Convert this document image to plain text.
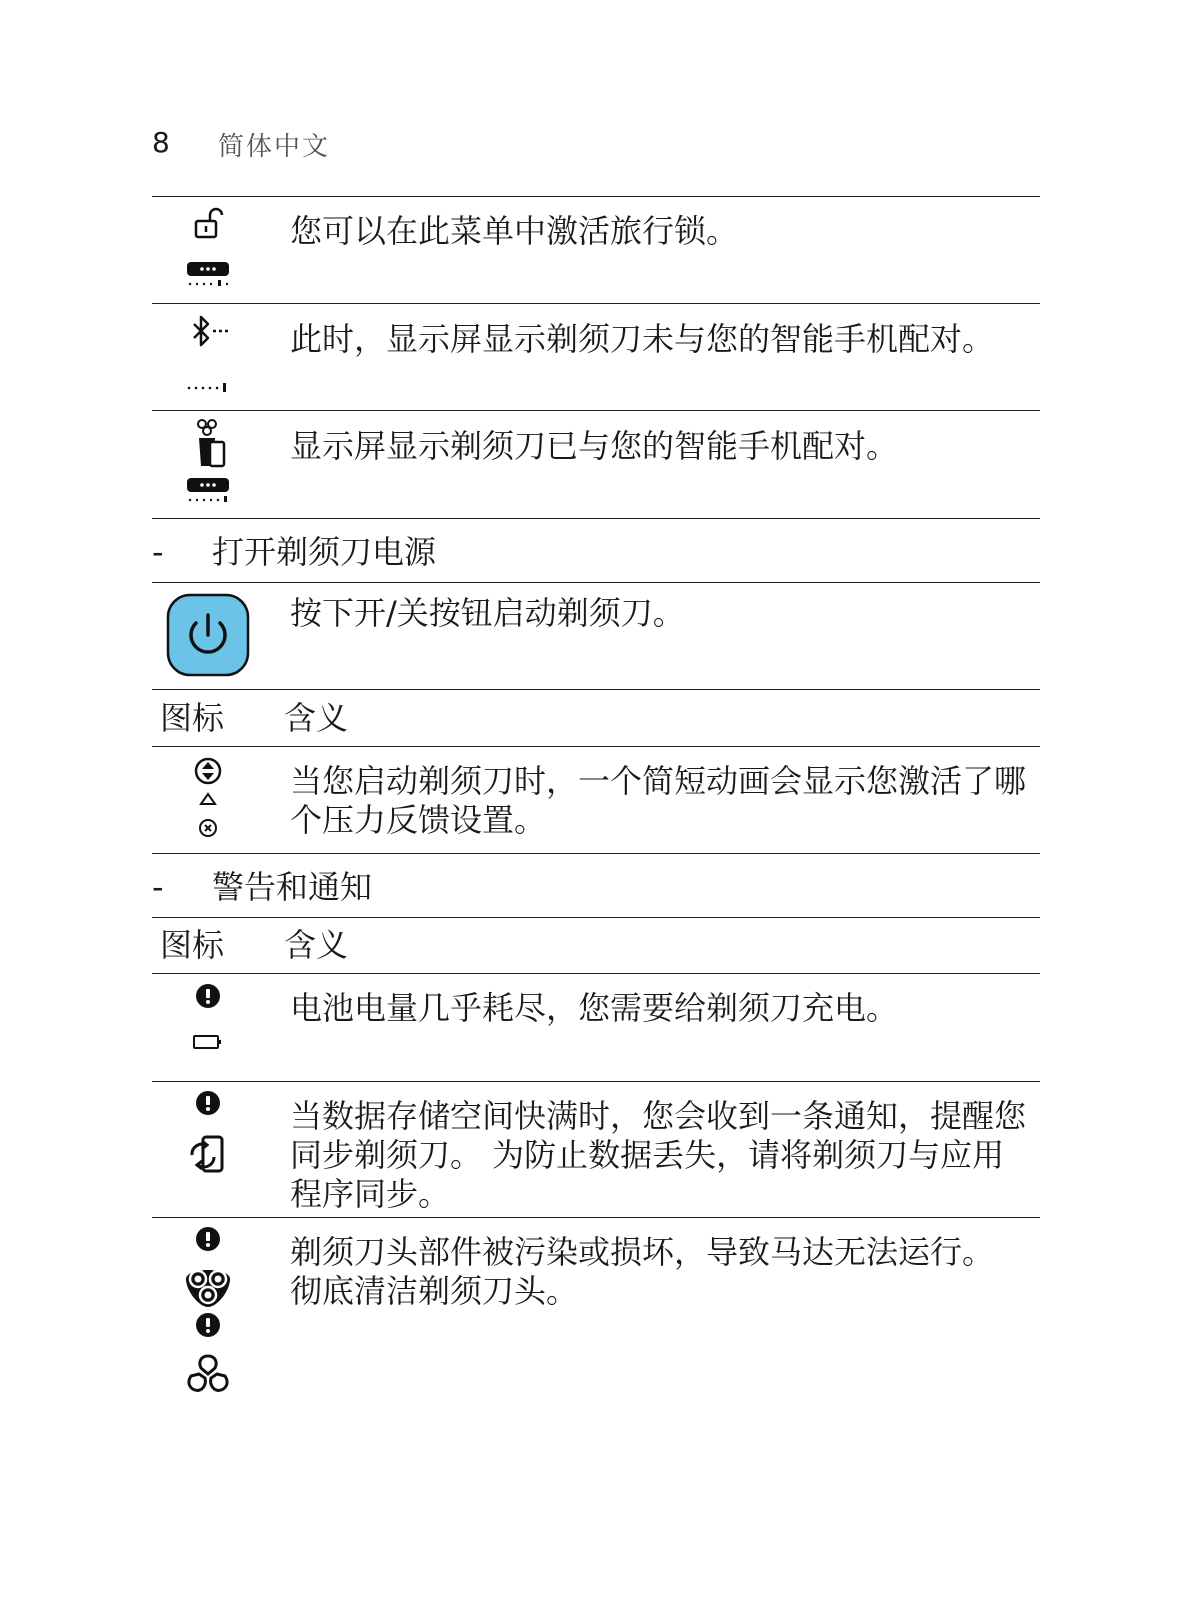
8 简体中文
您可以在此菜单中激活旅行锁。
此时，显示屏显示剃须刀未与您的智能手机配对。
显示屏显示剃须刀已与您的智能手机配对。
- 打开剃须刀电源
按下开/关按钮启动剃须刀。
图标 含义
当您启动剃须刀时，一个简短动画会显示您激活了哪个压力反馈设置。
- 警告和通知
图标 含义
电池电量几乎耗尽，您需要给剃须刀充电。
当数据存储空间快满时，您会收到一条通知，提醒您同步剃须刀。 为防止数据丢失，请将剃须刀与应用程序同步。
剃须刀头部件被污染或损坏，导致马达无法运行。 彻底清洁剃须刀头。
